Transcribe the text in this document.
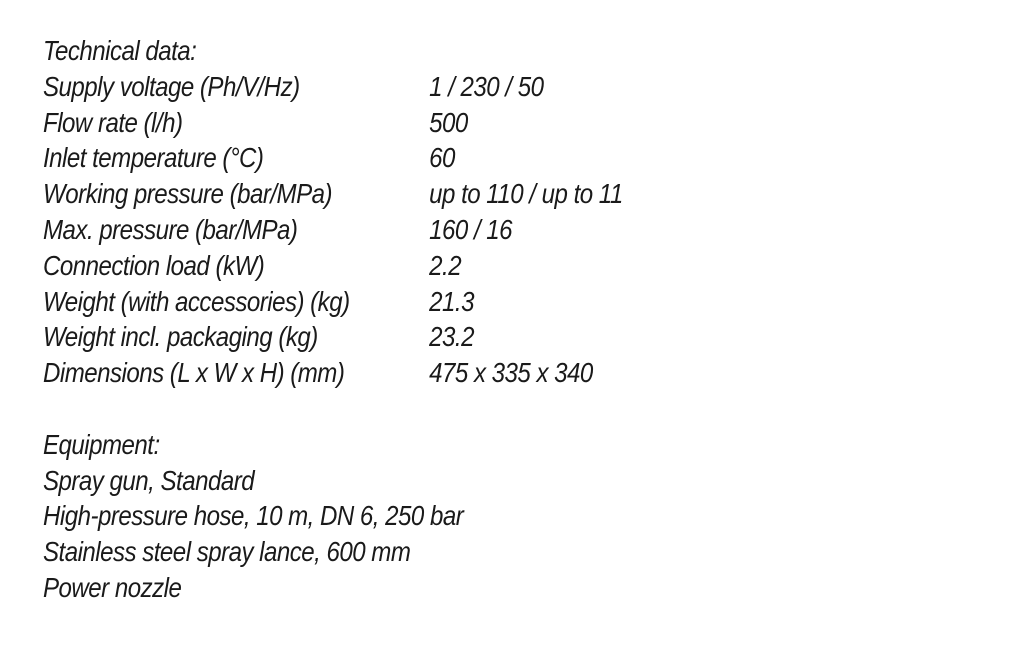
Technical data:
Supply voltage (Ph/V/Hz)	1 / 230 / 50
Flow rate (l/h)	500
Inlet temperature (°C)	60
Working pressure (bar/MPa)	up to 110 / up to 11
Max. pressure (bar/MPa)	160 / 16
Connection load (kW)	2.2
Weight (with accessories) (kg)	21.3
Weight incl. packaging (kg)	23.2
Dimensions (L x W x H) (mm)	475 x 335 x 340
Equipment:
Spray gun, Standard
High-pressure hose, 10 m, DN 6, 250 bar
Stainless steel spray lance, 600 mm
Power nozzle
